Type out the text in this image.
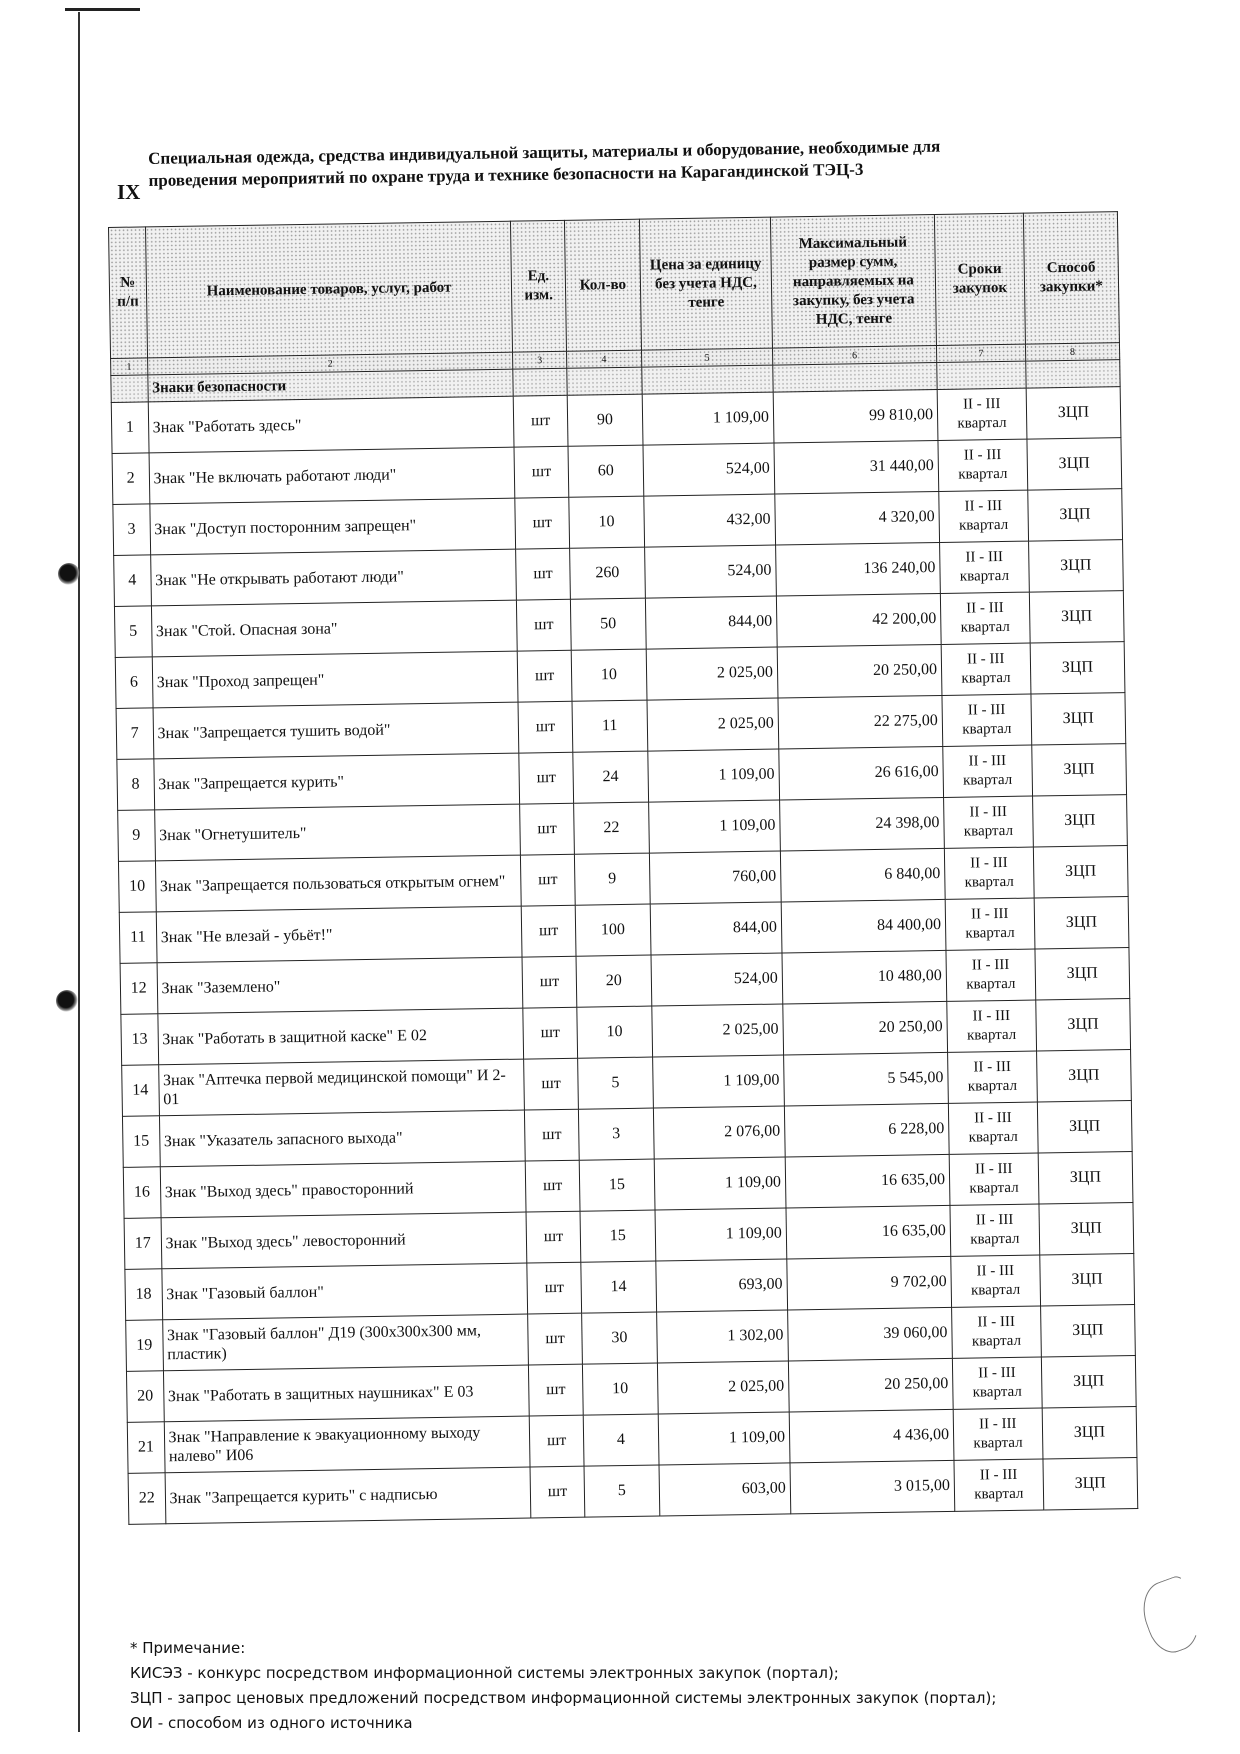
IX
Специальная одежда, средства индивидуальной защиты, материалы и оборудование, необходимые для проведения мероприятий по охране труда и технике безопасности на Карагандинской ТЭЦ-3
№ п/п	Наименование товаров, услуг, работ	Ед. изм.	Кол-во	Цена за единицу без учета НДС, тенге	Максимальный размер сумм, направляемых на закупку, без учета НДС, тенге	Сроки закупок	Способ закупки*
1	2	3	4	5	6	7	8
	Знаки безопасности						
1	Знак "Работать здесь"	шт	90	1 109,00	99 810,00	II - III квартал	ЗЦП
2	Знак "Не включать работают люди"	шт	60	524,00	31 440,00	II - III квартал	ЗЦП
3	Знак "Доступ посторонним запрещен"	шт	10	432,00	4 320,00	II - III квартал	ЗЦП
4	Знак "Не открывать работают люди"	шт	260	524,00	136 240,00	II - III квартал	ЗЦП
5	Знак "Стой. Опасная зона"	шт	50	844,00	42 200,00	II - III квартал	ЗЦП
6	Знак "Проход запрещен"	шт	10	2 025,00	20 250,00	II - III квартал	ЗЦП
7	Знак "Запрещается тушить водой"	шт	11	2 025,00	22 275,00	II - III квартал	ЗЦП
8	Знак "Запрещается курить"	шт	24	1 109,00	26 616,00	II - III квартал	ЗЦП
9	Знак "Огнетушитель"	шт	22	1 109,00	24 398,00	II - III квартал	ЗЦП
10	Знак "Запрещается пользоваться открытым огнем"	шт	9	760,00	6 840,00	II - III квартал	ЗЦП
11	Знак "Не влезай - убьёт!"	шт	100	844,00	84 400,00	II - III квартал	ЗЦП
12	Знак "Заземлено"	шт	20	524,00	10 480,00	II - III квартал	ЗЦП
13	Знак "Работать в защитной каске" Е 02	шт	10	2 025,00	20 250,00	II - III квартал	ЗЦП
14	Знак "Аптечка первой медицинской помощи" И 2-01	шт	5	1 109,00	5 545,00	II - III квартал	ЗЦП
15	Знак "Указатель запасного выхода"	шт	3	2 076,00	6 228,00	II - III квартал	ЗЦП
16	Знак "Выход здесь" правосторонний	шт	15	1 109,00	16 635,00	II - III квартал	ЗЦП
17	Знак "Выход здесь" левосторонний	шт	15	1 109,00	16 635,00	II - III квартал	ЗЦП
18	Знак "Газовый баллон"	шт	14	693,00	9 702,00	II - III квартал	ЗЦП
19	Знак "Газовый баллон" Д19 (300х300х300 мм, пластик)	шт	30	1 302,00	39 060,00	II - III квартал	ЗЦП
20	Знак "Работать в защитных наушниках" Е 03	шт	10	2 025,00	20 250,00	II - III квартал	ЗЦП
21	Знак "Направление к эвакуационному выходу налево" И06	шт	4	1 109,00	4 436,00	II - III квартал	ЗЦП
22	Знак "Запрещается курить" с надписью	шт	5	603,00	3 015,00	II - III квартал	ЗЦП
* Примечание:
КИСЭЗ - конкурс посредством информационной системы электронных закупок (портал);
ЗЦП - запрос ценовых предложений посредством информационной системы электронных закупок (портал);
ОИ - способом из одного источника
